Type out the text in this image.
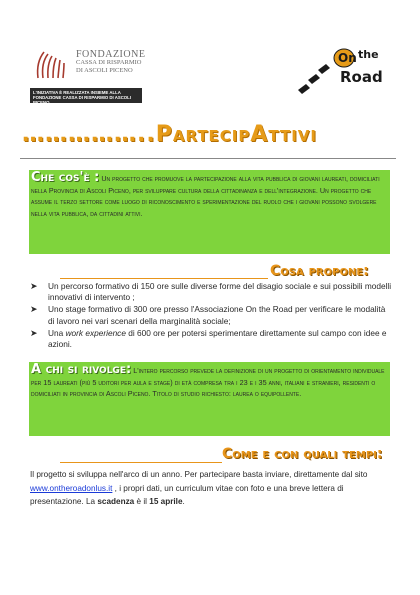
FONDAZIONE
CASSA DI RISPARMIO
DI ASCOLI PICENO
L'INIZIATIVA È REALIZZATA INSIEME ALLA
FONDAZIONE CASSA DI RISPARMIO DI ASCOLI PICENO
On the
Road
……………..PartecipAttivi
Che cos'è : Un progetto che promuove la partecipazione alla vita pubblica di giovani laureati, domiciliati nella Provincia di Ascoli Piceno, per sviluppare cultura della cittadinanza e dell'integrazione. Un progetto che assume il terzo settore come luogo di riconoscimento e sperimentazione del ruolo che i giovani possono svolgere nella vita pubblica, da cittadini attivi.
Cosa propone:
➤ Un percorso formativo di 150 ore sulle diverse forme del disagio sociale e sui possibili modelli innovativi di intervento ;
➤ Uno stage formativo di 300 ore presso l'Associazione On the Road per verificare le modalità di lavoro nei vari scenari della marginalità sociale;
➤ Una work experience di 600 ore per potersi sperimentare direttamente sul campo con idee e azioni.
A chi si rivolge: L'intero percorso prevede la definizione di un progetto di orientamento individuale per 15 laureati (più 5 uditori per aula e stage) di età compresa tra i 23 e i 35 anni, italiani e stranieri, residenti o domiciliati in provincia di Ascoli Piceno. Titolo di studio richiesto: laurea o equipollente.
Come e con quali tempi:
Il progetto si sviluppa nell'arco di un anno. Per partecipare basta inviare, direttamente dal sito www.ontheroadonlus.it , i propri dati, un curriculum vitae con foto e una breve lettera di presentazione. La scadenza è il 15 aprile.
